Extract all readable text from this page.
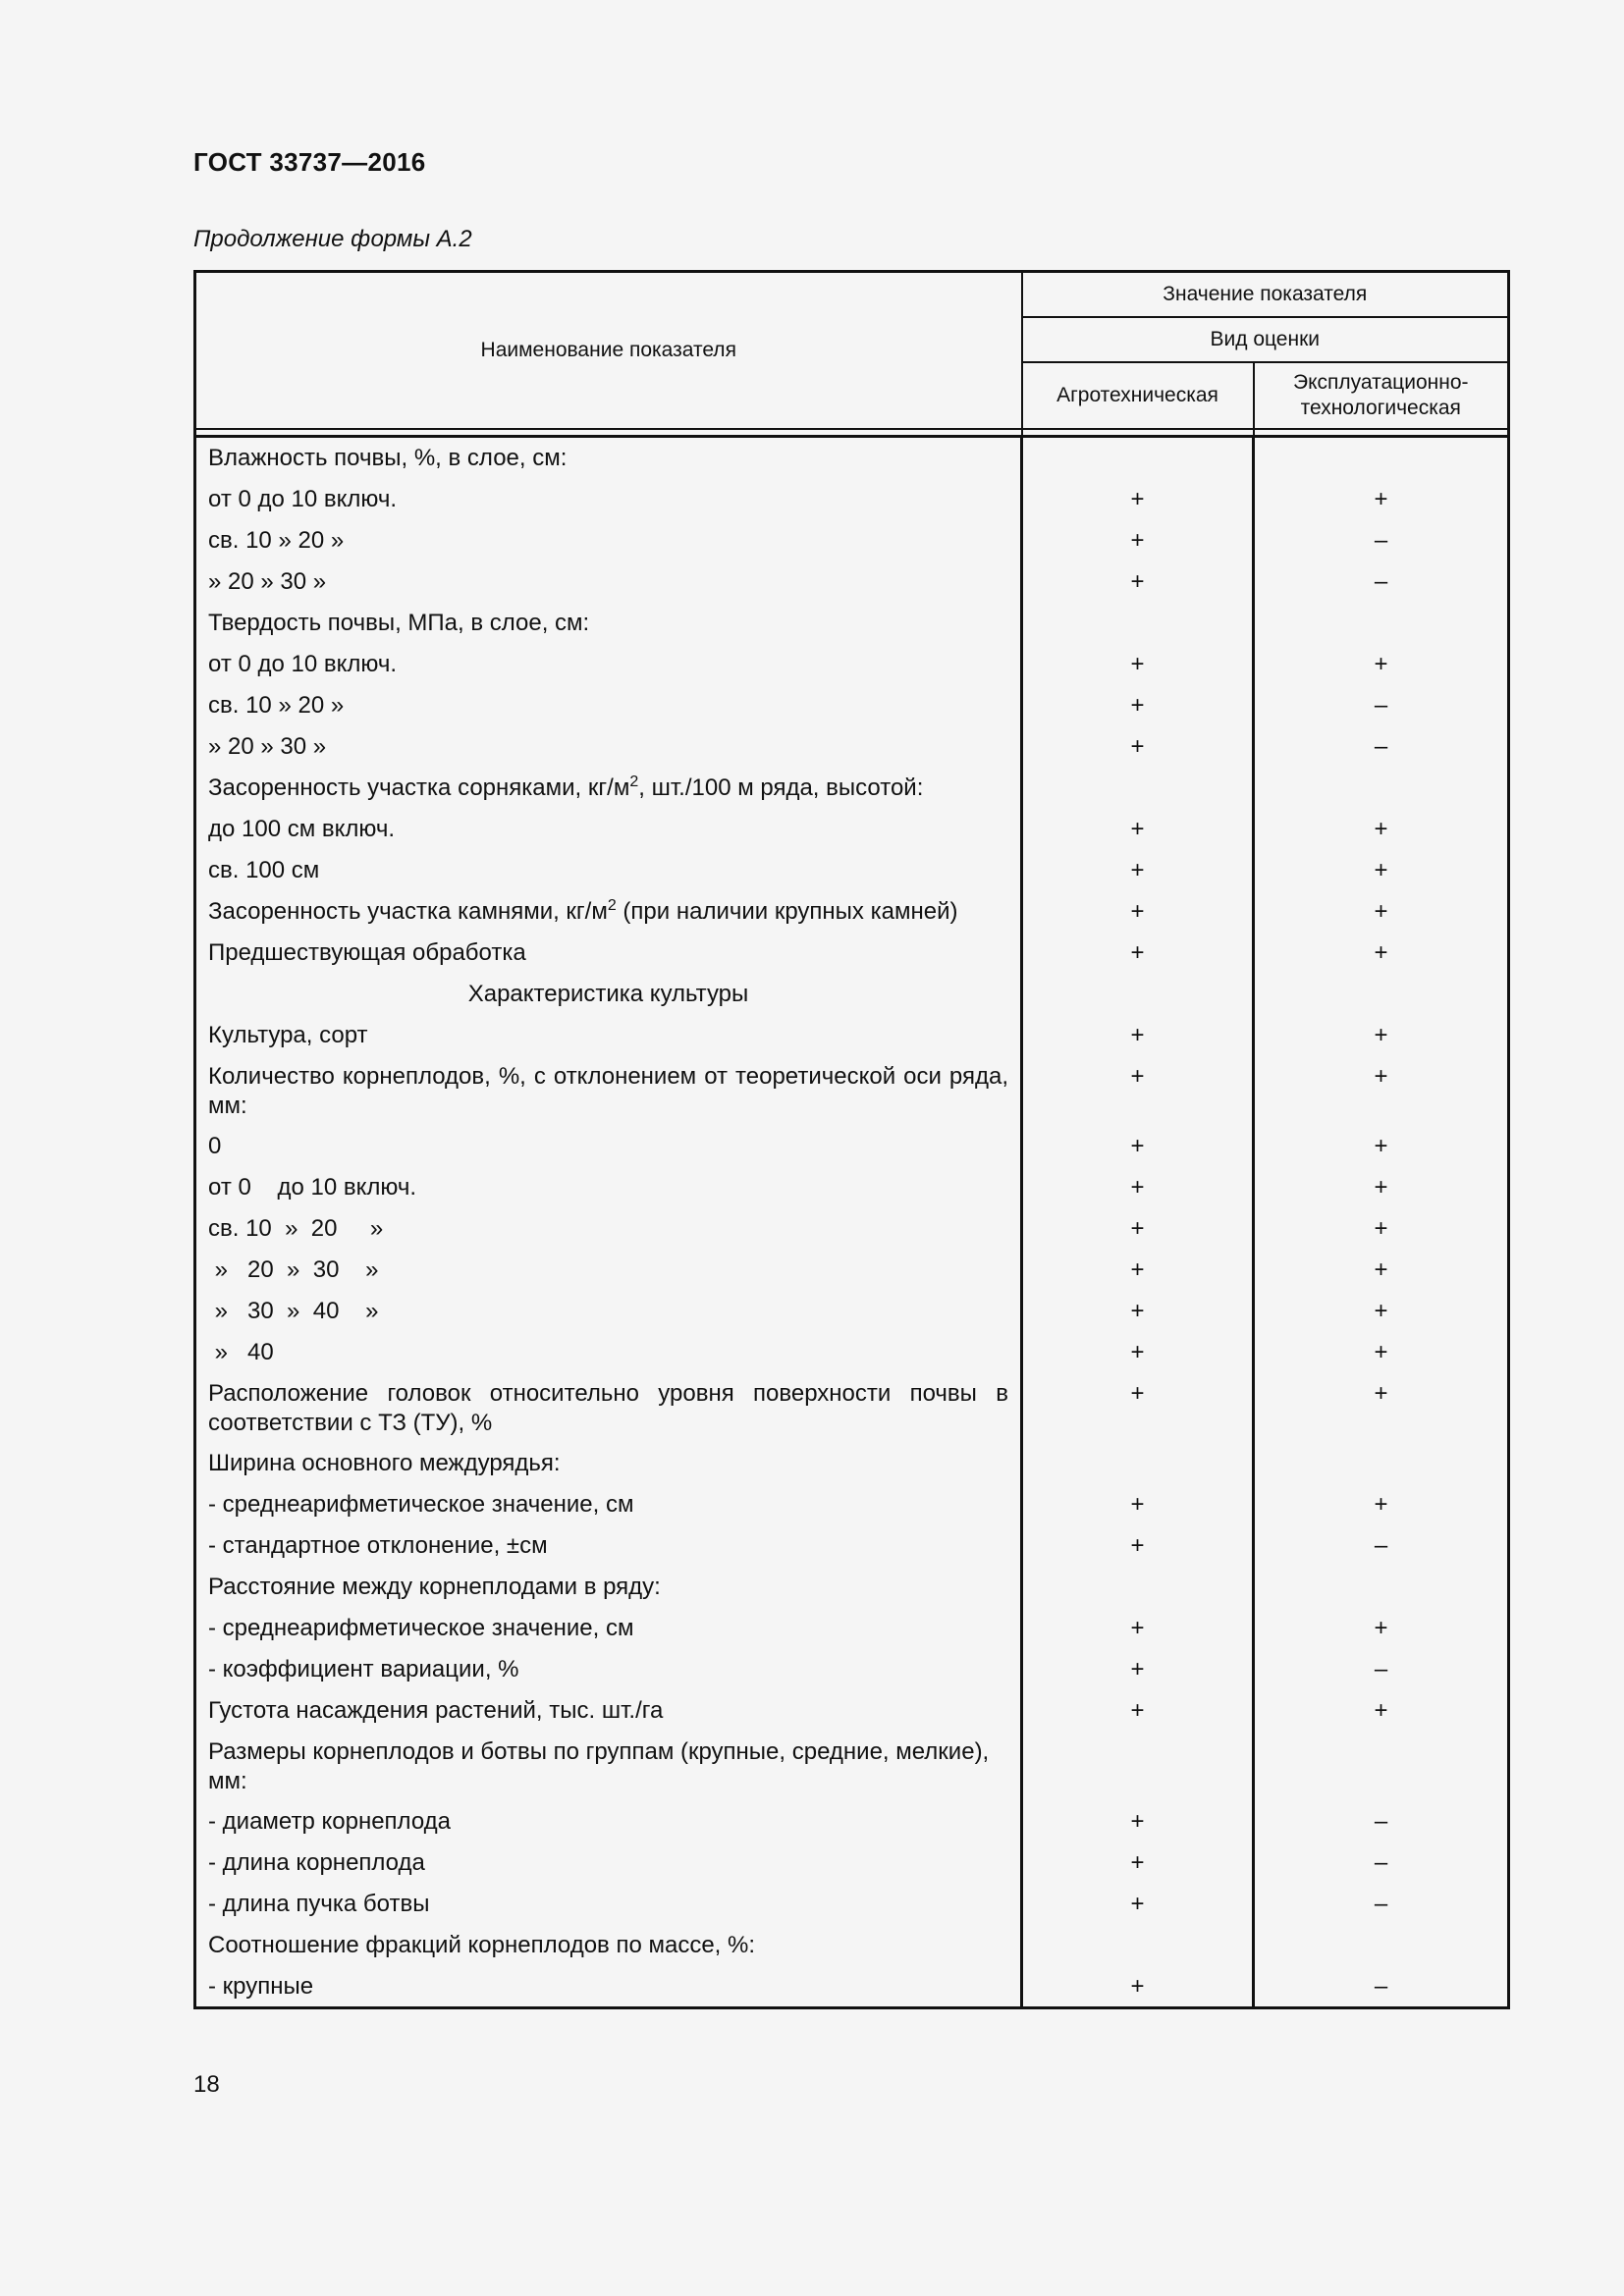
ГОСТ 33737—2016
Продолжение формы А.2
Наименование показателя	Значение показателя	
	Вид оценки	
	Агротехническая	Эксплуатационно-
технологическая

Влажность почвы, %, в слое, см:		
от 0 до 10 включ.	+	+
св. 10 » 20 »	+	–
» 20 » 30 »	+	–
Твердость почвы, МПа, в слое, см:		
от 0 до 10 включ.	+	+
св. 10 » 20 »	+	–
» 20 » 30 »	+	–
Засоренность участка сорняками, $кг/м^2$, шт./100 м ряда, высотой:		
до 100 см включ.	+	+
св. 100 см	+	+
Засоренность участка камнями, $кг/м^2$ (при наличии крупных камней)	+	+
Предшествующая обработка	+	+
Характеристика культуры		
Культура, сорт	+	+
Количество корнеплодов, %, с отклонением от теоретической оси ряда, мм:	+	+
0	+	+
от 0    до 10 включ.	+	+
св. 10  »  20     »	+	+
»   20  »  30    »	+	+
»   30  »  40    »	+	+
»   40	+	+
Расположение головок относительно уровня поверхности почвы в соответствии с ТЗ (ТУ), %	+	+
Ширина основного междурядья:		
- среднеарифметическое значение, см	+	+
- стандартное отклонение, ±см	+	–
Расстояние между корнеплодами в ряду:		
- среднеарифметическое значение, см	+	+
- коэффициент вариации, %	+	–
Густота насаждения растений, тыс. шт./га	+	+
Размеры корнеплодов и ботвы по группам (крупные, средние, мелкие), мм:		
- диаметр корнеплода	+	–
- длина корнеплода	+	–
- длина пучка ботвы	+	–
Соотношение фракций корнеплодов по массе, %:		
- крупные	+	–
18
